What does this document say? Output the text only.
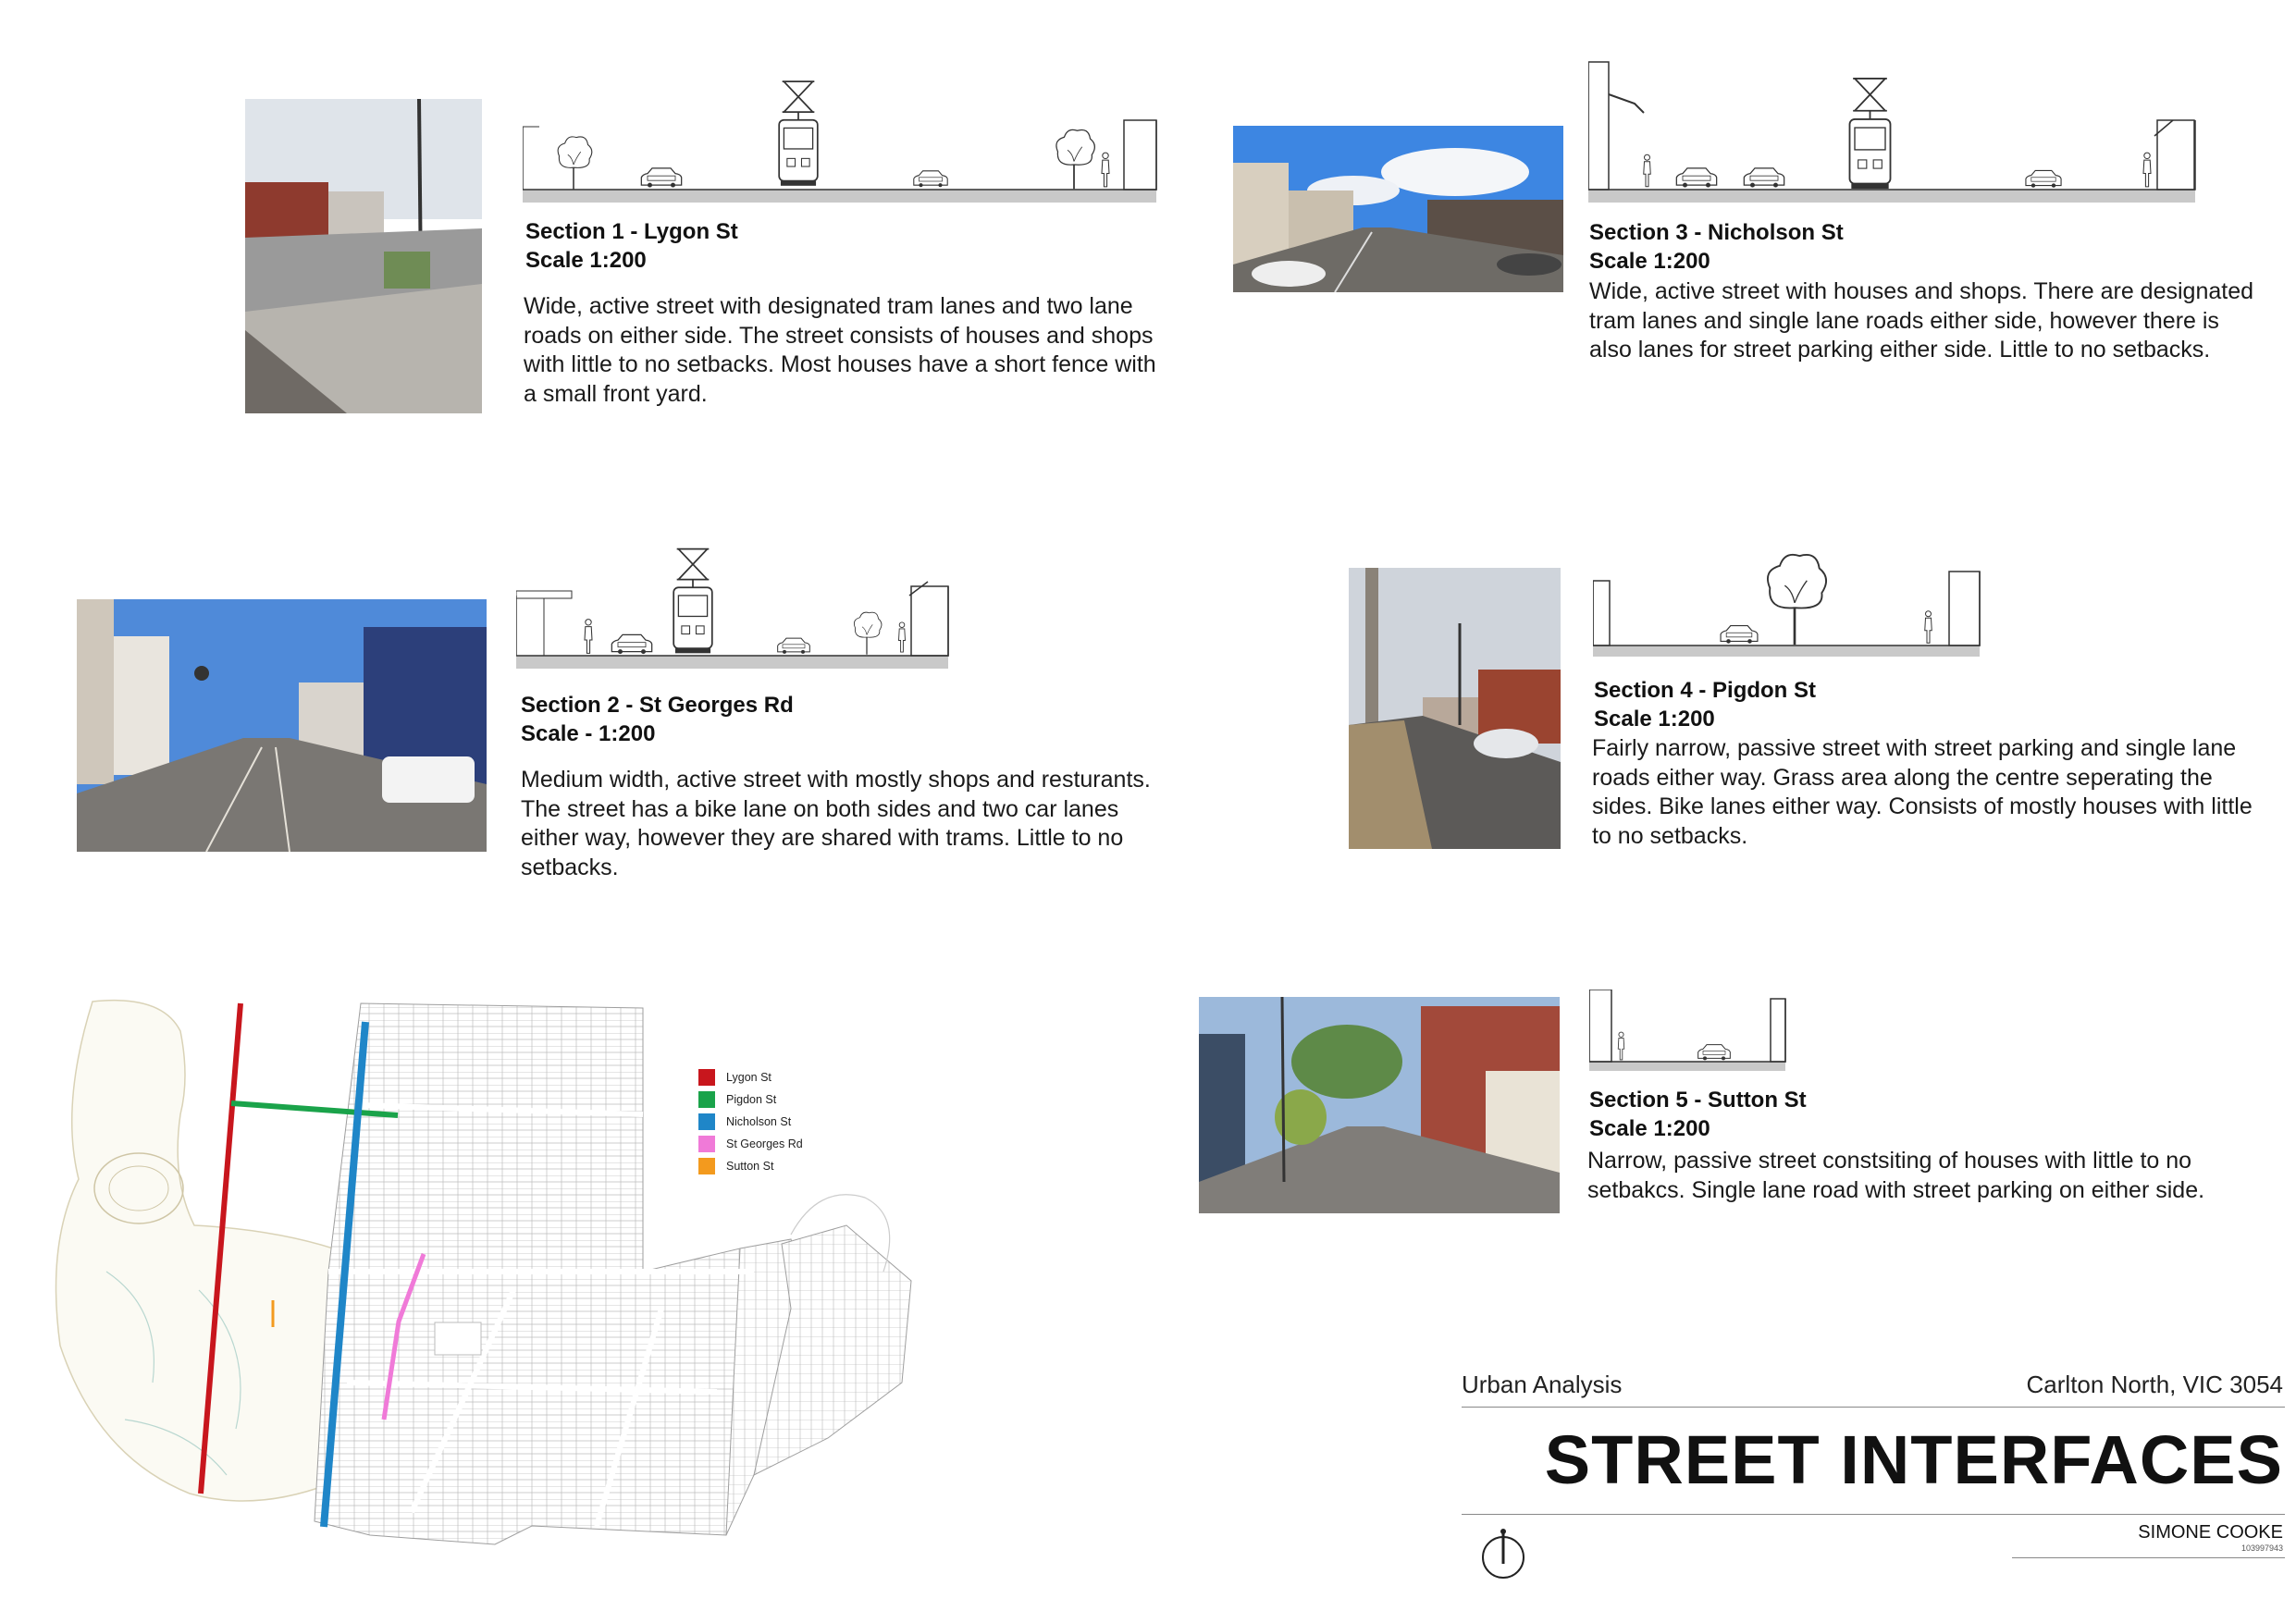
Section 1 - Lygon St
Scale 1:200
Wide, active street with designated tram lanes and two lane roads on either side. The street consists of houses and shops with little to no setbacks. Most houses have a short fence with a small front yard.
Section 2 - St Georges Rd
Scale - 1:200
Medium width, active street with mostly shops and resturants. The street has a bike lane on both sides and two car lanes either way, however they are shared with trams. Little to no setbacks.
Section 3 - Nicholson St
Scale 1:200
Wide, active street with houses and shops. There are designated tram lanes and single lane roads either side, however there is also lanes for street parking either side. Little to no setbacks.
Section 4 - Pigdon St
Scale 1:200
Fairly narrow, passive street with street parking and single lane roads either way. Grass area along the centre seperating the sides. Bike lanes either way. Consists of mostly houses with little to no setbacks.
Section 5 - Sutton St
Scale 1:200
Narrow, passive street constsiting of houses with little to no setbakcs. Single lane road with street parking on either side.
Lygon St
Pigdon St
Nicholson St
St Georges Rd
Sutton St
Urban Analysis	Carlton North, VIC 3054
STREET INTERFACES
SIMONE COOKE
103997943
